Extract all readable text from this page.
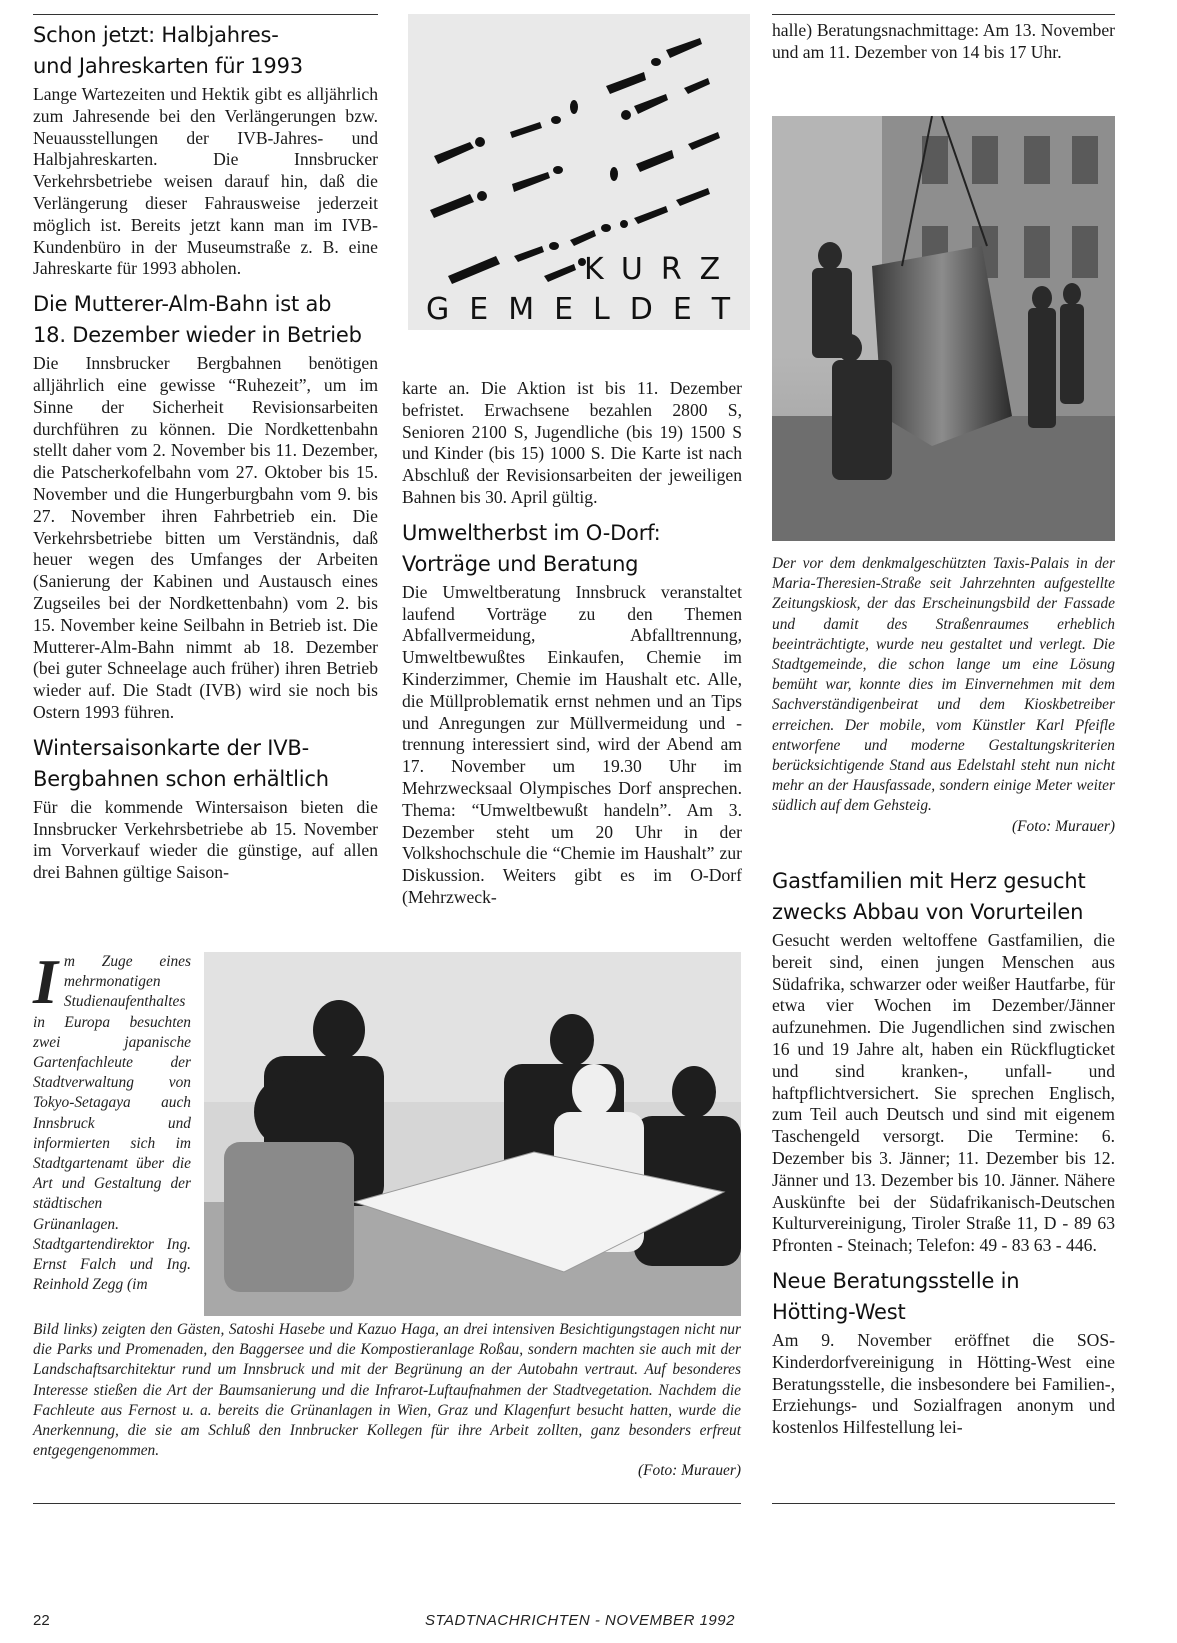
Schon jetzt: Halbjahres-
und Jahreskarten für 1993

Lange Wartezeiten und Hektik gibt es alljährlich zum Jahresende bei den Verlängerungen bzw. Neuausstellungen der IVB-Jahres- und Halbjahreskarten. Die Innsbrucker Verkehrsbetriebe weisen darauf hin, daß die Verlängerung dieser Fahrausweise jederzeit möglich ist. Bereits jetzt kann man im IVB-Kundenbüro in der Museumstraße z. B. eine Jahreskarte für 1993 abholen.

Die Mutterer-Alm-Bahn ist ab
18. Dezember wieder in Betrieb

Die Innsbrucker Bergbahnen benötigen alljährlich eine gewisse “Ruhezeit”, um im Sinne der Sicherheit Revisionsarbeiten durchführen zu können. Die Nordkettenbahn stellt daher vom 2. November bis 11. Dezember, die Patscherkofelbahn vom 27. Oktober bis 15. November und die Hungerburgbahn vom 9. bis 27. November ihren Fahrbetrieb ein. Die Verkehrsbetriebe bitten um Verständnis, daß heuer wegen des Umfanges der Arbeiten (Sanierung der Kabinen und Austausch eines Zugseiles bei der Nordkettenbahn) vom 2. bis 15. November keine Seilbahn in Betrieb ist. Die Mutterer-Alm-Bahn nimmt ab 18. Dezember (bei guter Schneelage auch früher) ihren Betrieb wieder auf. Die Stadt (IVB) wird sie noch bis Ostern 1993 führen.

Wintersaisonkarte der IVB-
Bergbahnen schon erhältlich

Für die kommende Wintersaison bieten die Innsbrucker Verkehrsbetriebe ab 15. November im Vorverkauf wieder die günstige, auf allen drei Bahnen gültige Saison-

KURZ
GEMELDET

karte an. Die Aktion ist bis 11. Dezember befristet. Erwachsene bezahlen 2800 S, Senioren 2100 S, Jugendliche (bis 19) 1500 S und Kinder (bis 15) 1000 S. Die Karte ist nach Abschluß der Revisionsarbeiten der jeweiligen Bahnen bis 30. April gültig.

Umweltherbst im O-Dorf:
Vorträge und Beratung

Die Umweltberatung Innsbruck veranstaltet laufend Vorträge zu den Themen Abfallvermeidung, Abfalltrennung, Umweltbewußtes Einkaufen, Chemie im Kinderzimmer, Chemie im Haushalt etc. Alle, die Müllproblematik ernst nehmen und an Tips und Anregungen zur Müllvermeidung und -trennung interessiert sind, wird der Abend am 17. November um 19.30 Uhr im Mehrzwecksaal Olympisches Dorf ansprechen. Thema: “Umweltbewußt handeln”. Am 3. Dezember steht um 20 Uhr in der Volkshochschule die “Chemie im Haushalt” zur Diskussion. Weiters gibt es im O-Dorf (Mehrzweck-

halle) Beratungsnachmittage: Am 13. November und am 11. Dezember von 14 bis 17 Uhr.

Der vor dem denkmalgeschützten Taxis-Palais in der Maria-Theresien-Straße seit Jahrzehnten aufgestellte Zeitungskiosk, der das Erscheinungsbild der Fassade und damit des Straßenraumes erheblich beeinträchtigte, wurde neu gestaltet und verlegt. Die Stadtgemeinde, die schon lange um eine Lösung bemüht war, konnte dies im Einvernehmen mit dem Sachverständigenbeirat und dem Kioskbetreiber erreichen. Der mobile, vom Künstler Karl Pfeifle entworfene und moderne Gestaltungskriterien berücksichtigende Stand aus Edelstahl steht nun nicht mehr an der Hausfassade, sondern einige Meter weiter südlich auf dem Gehsteig.

(Foto: Murauer)
Gastfamilien mit Herz gesucht
zwecks Abbau von Vorurteilen

Gesucht werden weltoffene Gastfamilien, die bereit sind, einen jungen Menschen aus Südafrika, schwarzer oder weißer Hautfarbe, für etwa vier Wochen im Dezember/Jänner aufzunehmen. Die Jugendlichen sind zwischen 16 und 19 Jahre alt, haben ein Rückflugticket und sind kranken-, unfall- und haftpflichtversichert. Sie sprechen Englisch, zum Teil auch Deutsch und sind mit eigenem Taschengeld versorgt. Die Termine: 6. Dezember bis 3. Jänner; 11. Dezember bis 12. Jänner und 13. Dezember bis 10. Jänner. Nähere Auskünfte bei der Südafrikanisch-Deutschen Kulturvereinigung, Tiroler Straße 11, D - 89 63 Pfronten - Steinach; Telefon: 49 - 83 63 - 446.

Neue Beratungsstelle in
Hötting-West

Am 9. November eröffnet die SOS-Kinderdorfvereinigung in Hötting-West eine Beratungsstelle, die insbesondere bei Familien-, Erziehungs- und Sozialfragen anonym und kostenlos Hilfestellung lei-

Im Zuge eines mehrmonatigen Studienaufenthaltes in Europa besuchten zwei japanische Gartenfachleute der Stadtverwaltung von Tokyo-Setagaya auch Innsbruck und informierten sich im Stadtgartenamt über die Art und Gestaltung der städtischen Grünanlagen. Stadtgartendirektor Ing. Ernst Falch und Ing. Reinhold Zegg (im

Bild links) zeigten den Gästen, Satoshi Hasebe und Kazuo Haga, an drei intensiven Besichtigungstagen nicht nur die Parks und Promenaden, den Baggersee und die Kompostieranlage Roßau, sondern machten sie auch mit der Landschaftsarchitektur rund um Innsbruck und mit der Begrünung an der Autobahn vertraut. Auf besonderes Interesse stießen die Art der Baumsanierung und die Infrarot-Luftaufnahmen der Stadtvegetation. Nachdem die Fachleute aus Fernost u. a. bereits die Grünanlagen in Wien, Graz und Klagenfurt besucht hatten, wurde die Anerkennung, die sie am Schluß den Innbrucker Kollegen für ihre Arbeit zollten, ganz besonders erfreut entgegengenommen.

(Foto: Murauer)
22	STADTNACHRICHTEN - NOVEMBER 1992
